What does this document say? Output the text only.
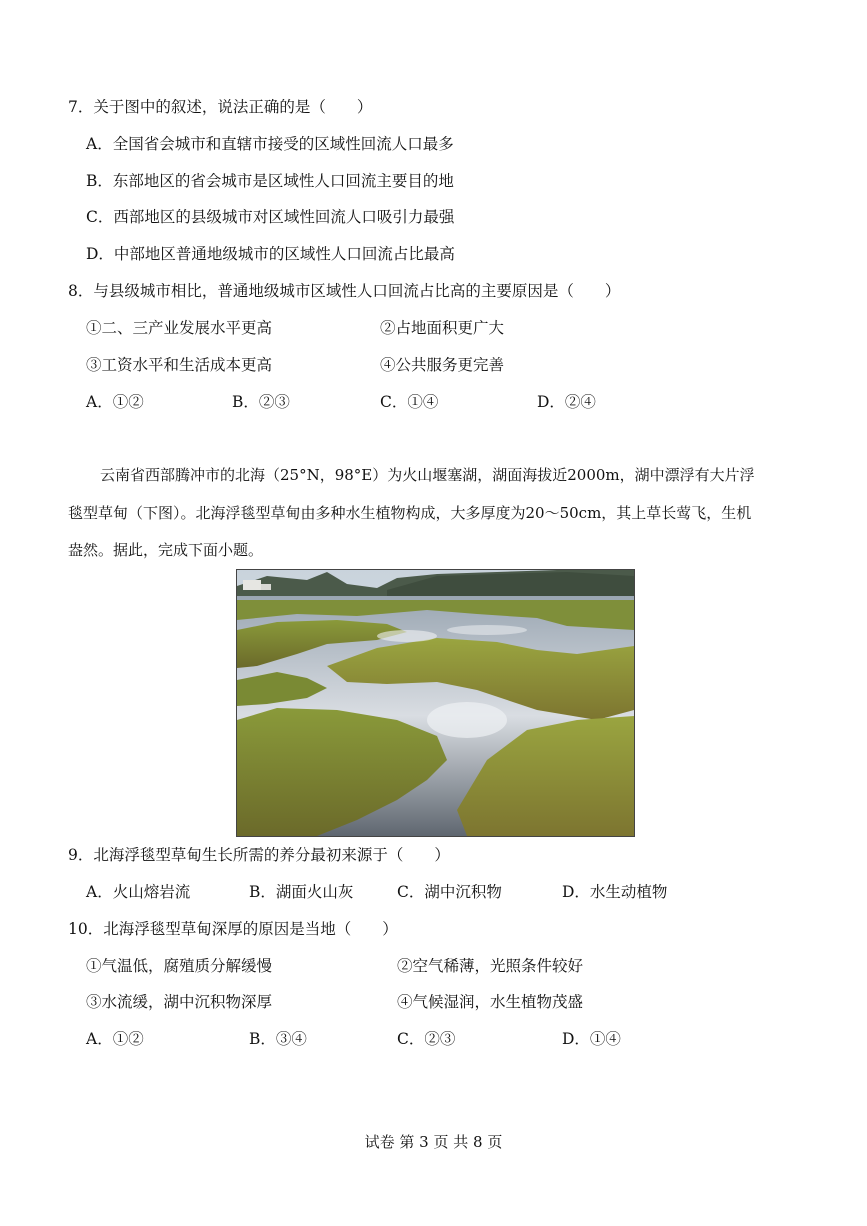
7．关于图中的叙述，说法正确的是（　　）
A．全国省会城市和直辖市接受的区域性回流人口最多
B．东部地区的省会城市是区域性人口回流主要目的地
C．西部地区的县级城市对区域性回流人口吸引力最强
D．中部地区普通地级城市的区域性人口回流占比最高
8．与县级城市相比，普通地级城市区域性人口回流占比高的主要原因是（　　）
①二、三产业发展水平更高	②占地面积更广大
③工资水平和生活成本更高	④公共服务更完善
A．①②	B．②③	C．①④	D．②④
云南省西部腾冲市的北海（25°N，98°E）为火山堰塞湖，湖面海拔近2000m，湖中漂浮有大片浮
毯型草甸（下图）。北海浮毯型草甸由多种水生植物构成，大多厚度为20～50cm，其上草长莺飞，生机
盎然。据此，完成下面小题。
9．北海浮毯型草甸生长所需的养分最初来源于（　　）
A．火山熔岩流	B．湖面火山灰	C．湖中沉积物	D．水生动植物
10．北海浮毯型草甸深厚的原因是当地（　　）
①气温低，腐殖质分解缓慢	②空气稀薄，光照条件较好
③水流缓，湖中沉积物深厚	④气候湿润，水生植物茂盛
A．①②	B．③④	C．②③	D．①④
试卷 第 3 页 共 8 页
